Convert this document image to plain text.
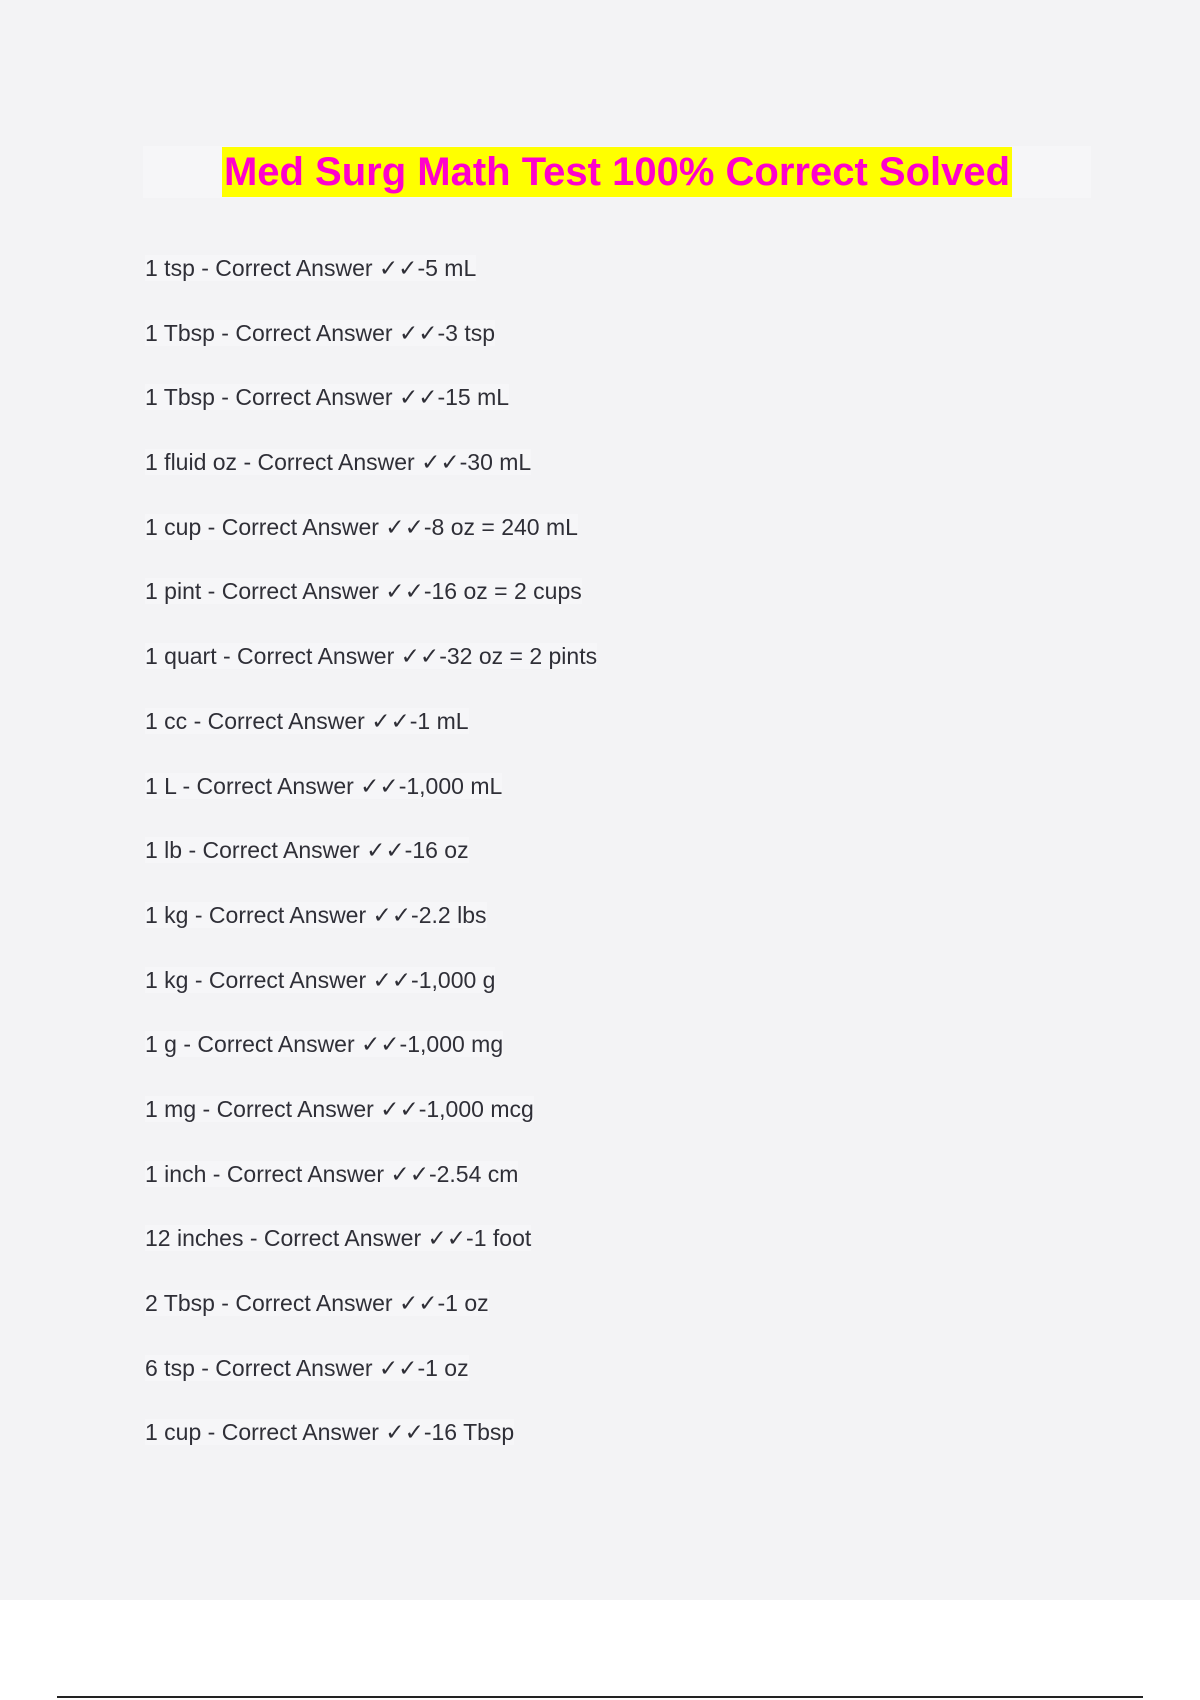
Med Surg Math Test 100% Correct Solved
1 tsp - Correct Answer ✓✓-5 mL
1 Tbsp - Correct Answer ✓✓-3 tsp
1 Tbsp - Correct Answer ✓✓-15 mL
1 fluid oz - Correct Answer ✓✓-30 mL
1 cup - Correct Answer ✓✓-8 oz = 240 mL
1 pint - Correct Answer ✓✓-16 oz = 2 cups
1 quart - Correct Answer ✓✓-32 oz = 2 pints
1 cc - Correct Answer ✓✓-1 mL
1 L - Correct Answer ✓✓-1,000 mL
1 lb - Correct Answer ✓✓-16 oz
1 kg - Correct Answer ✓✓-2.2 lbs
1 kg - Correct Answer ✓✓-1,000 g
1 g - Correct Answer ✓✓-1,000 mg
1 mg - Correct Answer ✓✓-1,000 mcg
1 inch - Correct Answer ✓✓-2.54 cm
12 inches - Correct Answer ✓✓-1 foot
2 Tbsp - Correct Answer ✓✓-1 oz
6 tsp - Correct Answer ✓✓-1 oz
1 cup - Correct Answer ✓✓-16 Tbsp
